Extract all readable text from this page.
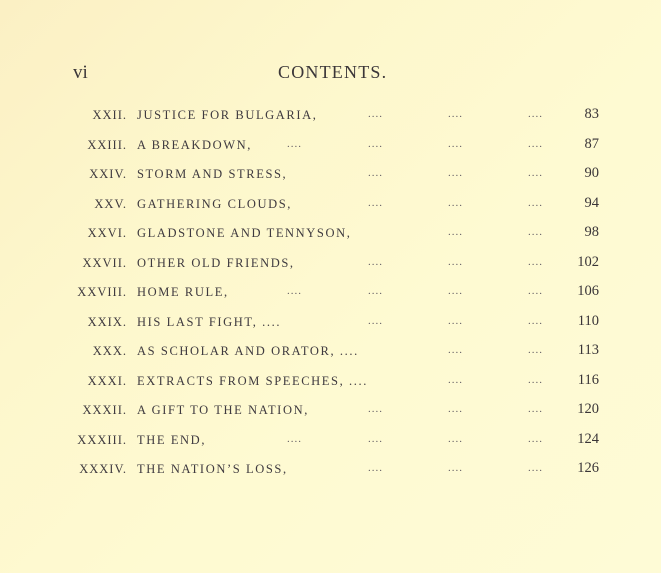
vi	CONTENTS.
XXII. JUSTICE FOR BULGARIA,	....	....	....	83
XXIII. A BREAKDOWN,	....	....	....	....	87
XXIV. STORM AND STRESS,	....	....	....	90
XXV. GATHERING CLOUDS,	....	....	....	94
XXVI. GLADSTONE AND TENNYSON,	....	....	98
XXVII. OTHER OLD FRIENDS,	....	....	.... 102
XXVIII. HOME RULE,	....	....	....	.... 106
XXIX. HIS LAST FIGHT, ....	....	....	.... 110
XXX. AS SCHOLAR AND ORATOR, ....	....	.... 113
XXXI. EXTRACTS FROM SPEECHES, ....	....	.... 116
XXXII. A GIFT TO THE NATION,	....	....	.... 120
XXXIII. THE END,	....	....	....	.... 124
XXXIV. THE NATION’S LOSS,	....	....	.... 126
